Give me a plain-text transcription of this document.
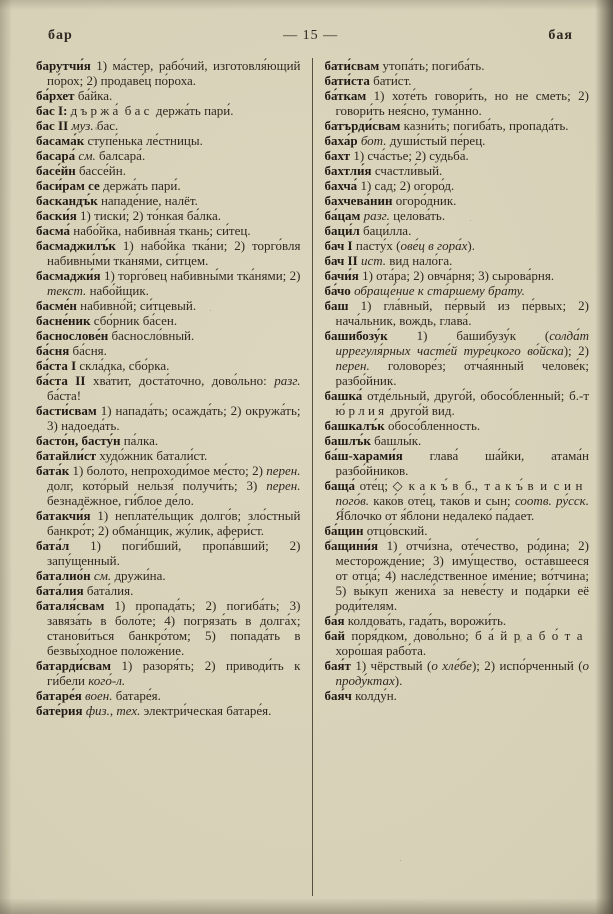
бар	— 15 —	бая
барутчи́я 1) ма́стер, рабо́чий, изготовля́ющий по́рох; 2) продаве́ц по́роха.
ба́рхет ба́йка.
бас I: д ъ р ж а́ б а с держа́ть пари́.
бас II муз. бас.
басама́к ступе́нька ле́стницы.
басара́ см. балсара́.
басе́йн бассе́йн.
баси́рам се держа́ть пари́.
баскандъ́к нападе́ние, налёт.
баски́я 1) тиски́; 2) то́нкая ба́лка.
басма́ набо́йка, набивна́я ткань; си́тец.
басмаджилъ́к 1) набо́йка тка́ни; 2) торго́вля набивны́ми тка́нями, си́тцем.
басмаджи́я 1) торго́вец набивны́ми тка́нями; 2) текст. набо́йщик.
басме́н набивно́й; си́тцевый.
басне́ник сбо́рник ба́сен.
баснослове́н басносло́вный.
ба́сня ба́сня.
ба́ста I скла́дка, сбо́рка.
ба́ста II хва́тит, доста́точно, дово́льно: разг. ба́ста!
басти́свам 1) напада́ть; осажда́ть; 2) окружа́ть; 3) надоеда́ть.
басто́н, басту́н па́лка.
батайли́ст худо́жник батали́ст.
бата́к 1) боло́то, непроходи́мое ме́сто; 2) перен. долг, кото́рый нельзя́ получи́ть; 3) перен. безнадёжное, ги́блое де́ло.
батакчи́я 1) неплате́льщик долго́в; зло́стный банкро́т; 2) обма́нщик, жу́лик, афери́ст.
бата́л 1) поги́бший, пропа́вший; 2) запу́щенный.
баталио́н см. дружи́на.
бата́лия бата́лия.
баталя́свам 1) пропада́ть; 2) погиба́ть; 3) завяза́ть в боло́те; 4) погряза́ть в долга́х; станови́ться банкро́том; 5) попада́ть в безвы́ходное положе́ние.
батарди́свам 1) разоря́ть; 2) приводи́ть к ги́бели кого́-л.
батаре́я воен. батаре́я.
бате́рия физ., тех. электри́ческая батаре́я.
бати́свам утопа́ть; погиба́ть.
бати́ста бати́ст.
ба́ткам 1) хоте́ть говори́ть, но не сметь; 2) говори́ть нея́сно, тума́нно.
батърди́свам казни́ть; погиба́ть, пропада́ть.
баха́р бот. души́стый пе́рец.
бахт 1) сча́стье; 2) судьба́.
бахтли́я счастли́вый.
бахча́ 1) сад; 2) огоро́д.
бахчева́нин огоро́дник.
ба́цам разг. целова́ть.
баци́л баци́лла.
бач I пасту́х (ове́ц в гора́х).
бач II ист. вид нало́га.
бачи́я 1) ота́ра; 2) овча́рня; 3) сырова́рня.
ба́чо обраще́ние к ста́ршему бра́ту.
баш 1) гла́вный, пе́рвый из пе́рвых; 2) нача́льник, вождь, глава́.
башибозу́к 1) башибузу́к (солда́т иррегуля́рных часте́й туре́цкого во́йска); 2) перен. головоре́з; отча́янный челове́к; разбо́йник.
башка́ отде́льный, друго́й, обосо́бленный; б.-т ю́ р л и я друго́й вид.
башкалъ́к обосо́бленность.
башлъ́к башлы́к.
ба́ш-харами́я глава́ ша́йки, атама́н разбо́йников.
баща́ оте́ц; ◇ к а к ъ́ в б., т а к ъ́ в и с и н пого́в. како́в оте́ц, тако́в и сын; соотв. ру́сск. Я́блочко от я́блони недалеко́ па́дает.
ба́щин отцо́вский.
бащини́я 1) отчи́зна, оте́чество, ро́дина; 2) месторожде́ние; 3) иму́щество, оста́вшееся от отца́; 4) насле́дственное име́ние; во́тчина; 5) вы́куп жениха́ за неве́сту и пода́рки её роди́телям.
ба́я колдова́ть, гада́ть, ворожи́ть.
бай поря́дком, дово́льно; б а́ й р а б о́ т а хоро́шая рабо́та.
бая́т 1) чёрствый (о хле́бе); 2) испо́рченный (о проду́ктах).
бая́ч колду́н.
